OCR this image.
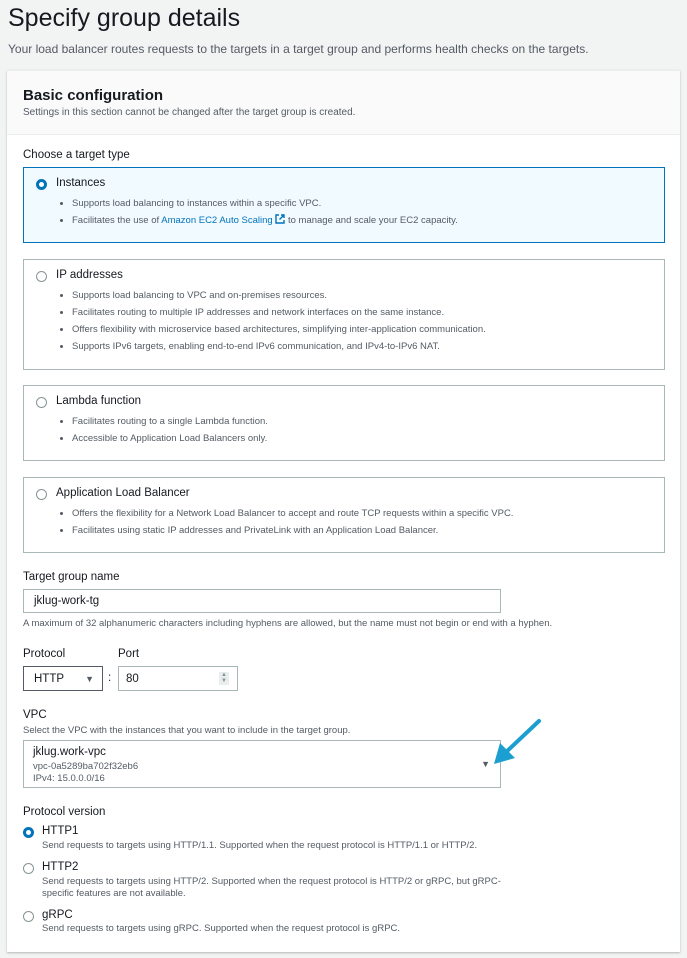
Specify group details
Your load balancer routes requests to the targets in a target group and performs health checks on the targets.
Basic configuration

Settings in this section cannot be changed after the target group is created.

Choose a target type
Instances
• Supports load balancing to instances within a specific VPC.
• Facilitates the use of Amazon EC2 Auto Scaling  to manage and scale your EC2 capacity.
IP addresses
• Supports load balancing to VPC and on-premises resources.
• Facilitates routing to multiple IP addresses and network interfaces on the same instance.
• Offers flexibility with microservice based architectures, simplifying inter-application communication.
• Supports IPv6 targets, enabling end-to-end IPv6 communication, and IPv4-to-IPv6 NAT.
Lambda function
• Facilitates routing to a single Lambda function.
• Accessible to Application Load Balancers only.
Application Load Balancer
• Offers the flexibility for a Network Load Balancer to accept and route TCP requests within a specific VPC.
• Facilitates using static IP addresses and PrivateLink with an Application Load Balancer.
Target group name
jklug-work-tg
A maximum of 32 alphanumeric characters including hyphens are allowed, but the name must not begin or end with a hyphen.
Protocol	Port
HTTP ▼ : 80	▲
▼
VPC
Select the VPC with the instances that you want to include in the target group.
jklug.work-vpc
vpc-0a5289ba702f32eb6
IPv4: 15.0.0.0/16
▼
Protocol version
HTTP1
Send requests to targets using HTTP/1.1. Supported when the request protocol is HTTP/1.1 or HTTP/2.
HTTP2
Send requests to targets using HTTP/2. Supported when the request protocol is HTTP/2 or gRPC, but gRPC-specific features are not available.
gRPC
Send requests to targets using gRPC. Supported when the request protocol is gRPC.
